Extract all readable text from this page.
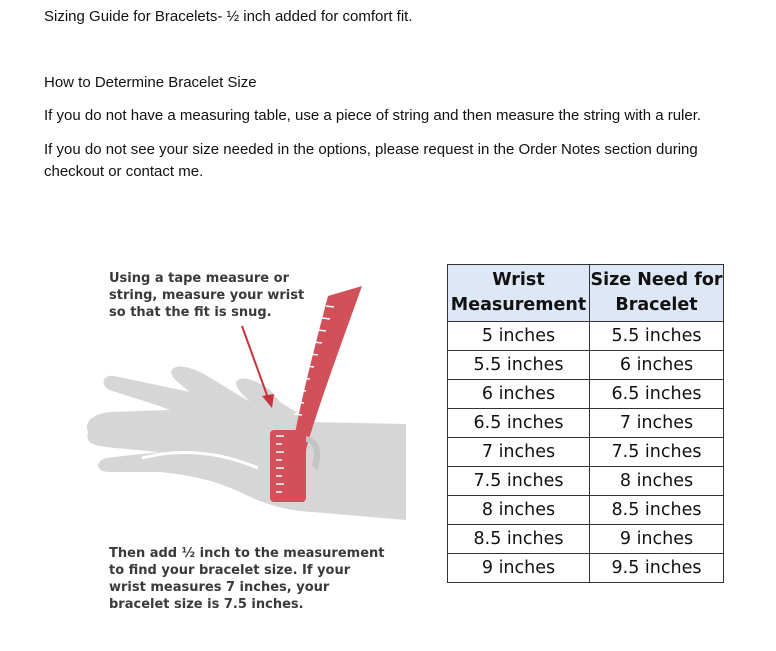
Sizing Guide for Bracelets- ½ inch added for comfort fit.
How to Determine Bracelet Size
If you do not have a measuring table, use a piece of string and then measure the string with a ruler.
If you do not see your size needed in the options, please request in the Order Notes section during checkout or contact me.
Using a tape measure or string, measure your wrist so that the fit is snug.
Then add ½ inch to the measurement to find your bracelet size. If your wrist measures 7 inches, your bracelet size is 7.5 inches.
Wrist Measurement	Size Need for Bracelet
5 inches	5.5 inches
5.5 inches	6 inches
6 inches	6.5 inches
6.5 inches	7 inches
7 inches	7.5 inches
7.5 inches	8 inches
8 inches	8.5 inches
8.5 inches	9 inches
9 inches	9.5 inches
